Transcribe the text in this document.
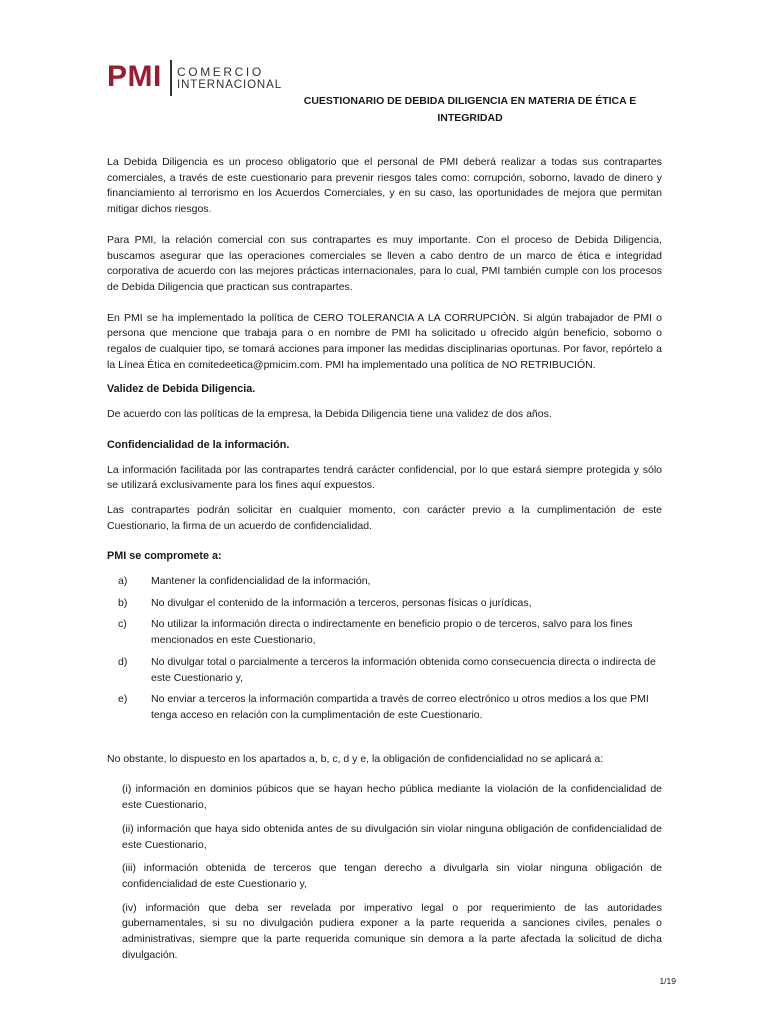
PMI COMERCIO
INTERNACIONAL
CUESTIONARIO DE DEBIDA DILIGENCIA EN MATERIA DE ÉTICA E INTEGRIDAD

La Debida Diligencia es un proceso obligatorio que el personal de PMI deberá realizar a todas sus contrapartes comerciales, a través de este cuestionario para prevenir riesgos tales como: corrupción, soborno, lavado de dinero y financiamiento al terrorismo en los Acuerdos Comerciales, y en su caso, las oportunidades de mejora que permitan mitigar dichos riesgos.

Para PMI, la relación comercial con sus contrapartes es muy importante. Con el proceso de Debida Diligencia, buscamos asegurar que las operaciones comerciales se lleven a cabo dentro de un marco de ética e integridad corporativa de acuerdo con las mejores prácticas internacionales, para lo cual, PMI también cumple con los procesos de Debida Diligencia que practican sus contrapartes.

En PMI se ha implementado la política de CERO TOLERANCIA A LA CORRUPCIÓN. Si algún trabajador de PMI o persona que mencione que trabaja para o en nombre de PMI ha solicitado u ofrecido algún beneficio, soborno o regalos de cualquier tipo, se tomará acciones para imponer las medidas disciplinarias oportunas. Por favor, repórtelo a la Línea Ética en comitedeetica@pmicim.com. PMI ha implementado una política de NO RETRIBUCIÓN.

Validez de Debida Diligencia.

De acuerdo con las políticas de la empresa, la Debida Diligencia tiene una validez de dos años.

Confidencialidad de la información.

La información facilitada por las contrapartes tendrá carácter confidencial, por lo que estará siempre protegida y sólo se utilizará exclusivamente para los fines aquí expuestos.

Las contrapartes podrán solicitar en cualquier momento, con carácter previo a la cumplimentación de este Cuestionario, la firma de un acuerdo de confidencialidad.

PMI se compromete a:
a) Mantener la confidencialidad de la información,
b) No divulgar el contenido de la información a terceros, personas físicas o jurídicas,
c) No utilizar la información directa o indirectamente en beneficio propio o de terceros, salvo para los fines mencionados en este Cuestionario,
d) No divulgar total o parcialmente a terceros la información obtenida como consecuencia directa o indirecta de este Cuestionario y,
e) No enviar a terceros la información compartida a través de correo electrónico u otros medios a los que PMI tenga acceso en relación con la cumplimentación de este Cuestionario.

No obstante, lo dispuesto en los apartados a, b, c, d y e, la obligación de confidencialidad no se aplicará a:

(i) información en dominios púbicos que se hayan hecho pública mediante la violación de la confidencialidad de este Cuestionario,

(ii) información que haya sido obtenida antes de su divulgación sin violar ninguna obligación de confidencialidad de este Cuestionario,

(iii) información obtenida de terceros que tengan derecho a divulgarla sin violar ninguna obligación de confidencialidad de este Cuestionario y,

(iv) información que deba ser revelada por imperativo legal o por requerimiento de las autoridades gubernamentales, si su no divulgación pudiera exponer a la parte requerida a sanciones civiles, penales o administrativas, siempre que la parte requerida comunique sin demora a la parte afectada la solicitud de dicha divulgación.

1/19
